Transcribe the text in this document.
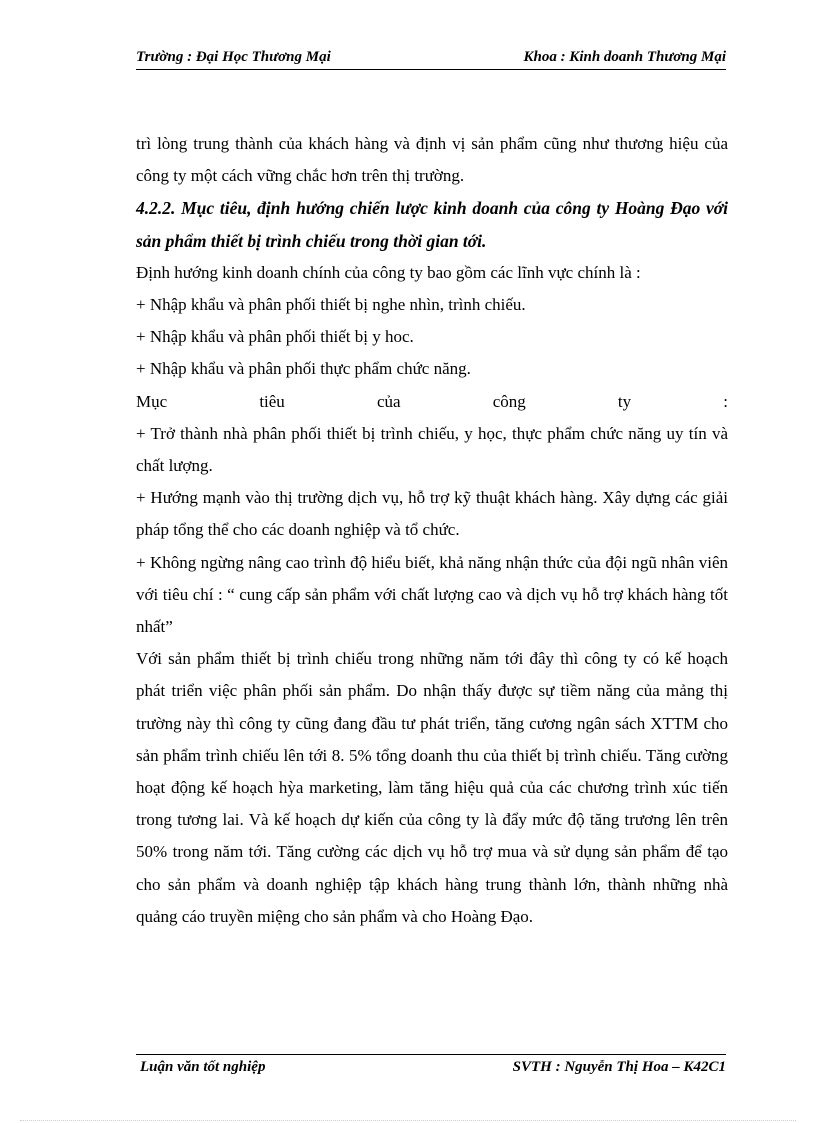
Trường : Đại Học Thương Mại	Khoa : Kinh doanh Thương Mại

trì lòng trung thành của khách hàng và định vị sản phẩm cũng như thương hiệu của công ty một cách vững chắc hơn trên thị trường.

4.2.2. Mục tiêu, định hướng chiến lược kinh doanh của công ty Hoàng Đạo với sản phẩm thiết bị trình chiếu trong thời gian tới.

Định hướng kinh doanh chính của công ty bao gồm các lĩnh vực chính là :

+ Nhập khẩu và phân phối thiết bị nghe nhìn, trình chiếu.

+ Nhập khẩu và phân phối thiết bị y hoc.

+ Nhập khẩu và phân phối thực phẩm chức năng.

Mục	tiêu	của	công	ty	:

+ Trở thành nhà phân phối thiết bị trình chiếu, y học, thực phẩm chức năng uy tín và chất lượng.

+ Hướng mạnh vào thị trường dịch vụ, hỗ trợ kỹ thuật khách hàng. Xây dựng các giải pháp tổng thể cho các doanh nghiệp và tổ chức.

+ Không ngừng nâng cao trình độ hiểu biết, khả năng nhận thức của đội ngũ nhân viên với tiêu chí : “ cung cấp sản phẩm với chất lượng cao và dịch vụ hỗ trợ khách hàng tốt nhất”

Với sản phẩm thiết bị trình chiếu trong những năm tới đây thì công ty có kế hoạch phát triển việc phân phối sản phẩm. Do nhận thấy được sự tiềm năng của mảng thị trường này thì công ty cũng đang đầu tư phát triển, tăng cương ngân sách XTTM cho sản phẩm trình chiếu lên tới 8. 5% tổng doanh thu của thiết bị trình chiếu. Tăng cường hoạt động kế hoạch hỳa marketing, làm tăng hiệu quả của các chương trình xúc tiến trong tương lai. Và kế hoạch dự kiến của công ty là đẩy mức độ tăng trương lên trên 50% trong năm tới. Tăng cường các dịch vụ hỗ trợ mua và sử dụng sản phẩm để tạo cho sản phẩm và doanh nghiệp tập khách hàng trung thành lớn, thành những nhà quảng cáo truyền miệng cho sản phẩm và cho Hoàng Đạo.

Luận văn tốt nghiệp	SVTH : Nguyễn Thị Hoa – K42C1
